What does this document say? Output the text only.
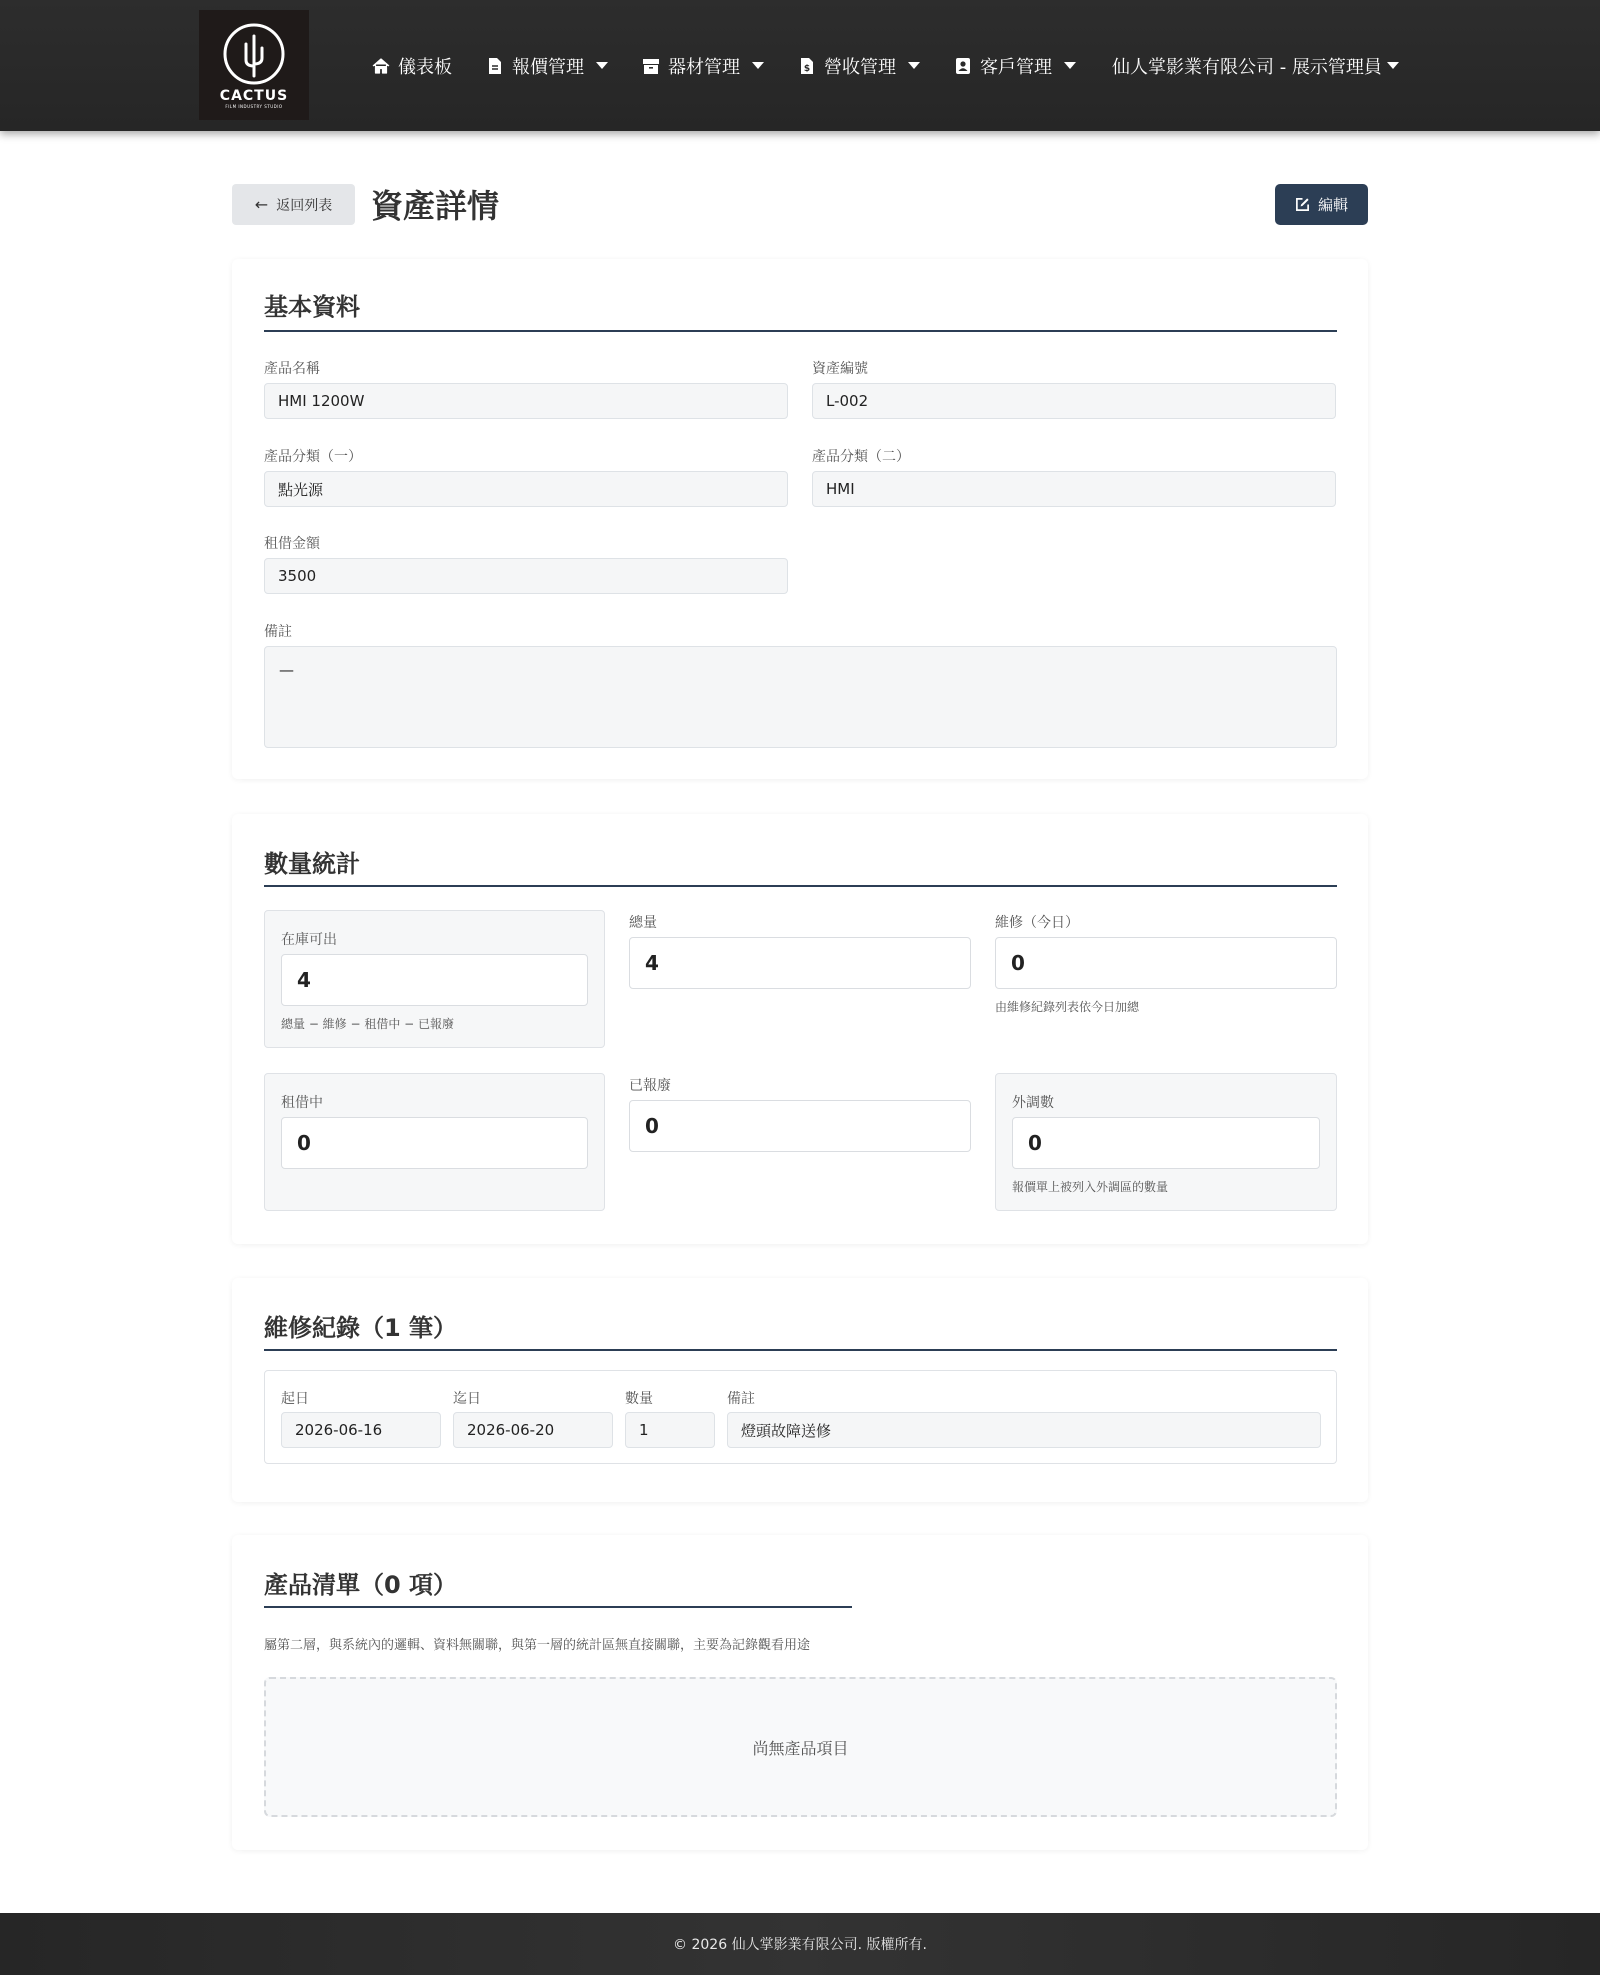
CACTUS
FILM INDUSTRY STUDIO
儀表板	報價管理	器材管理	$ 營收管理	客戶管理	仙人掌影業有限公司 - 展示管理員
← 返回列表 資產詳情	編輯
基本資料
產品名稱
HMI 1200W
資產編號
L-002
產品分類（一）
點光源
產品分類（二）
HMI
租借金額
3500
備註
—
數量統計
在庫可出
4
總量 − 維修 − 租借中 − 已報廢
總量
4
維修（今日）
0
由維修紀錄列表依今日加總
租借中
0
已報廢
0
外調數
0
報價單上被列入外調區的數量
維修紀錄（1 筆）
起日
2026-06-16
迄日
2026-06-20
數量
1
備註
燈頭故障送修
產品清單（0 項）
屬第二層，與系統內的邏輯、資料無關聯，與第一層的統計區無直接關聯，主要為記錄觀看用途
尚無產品項目
© 2026 仙人掌影業有限公司. 版權所有.
